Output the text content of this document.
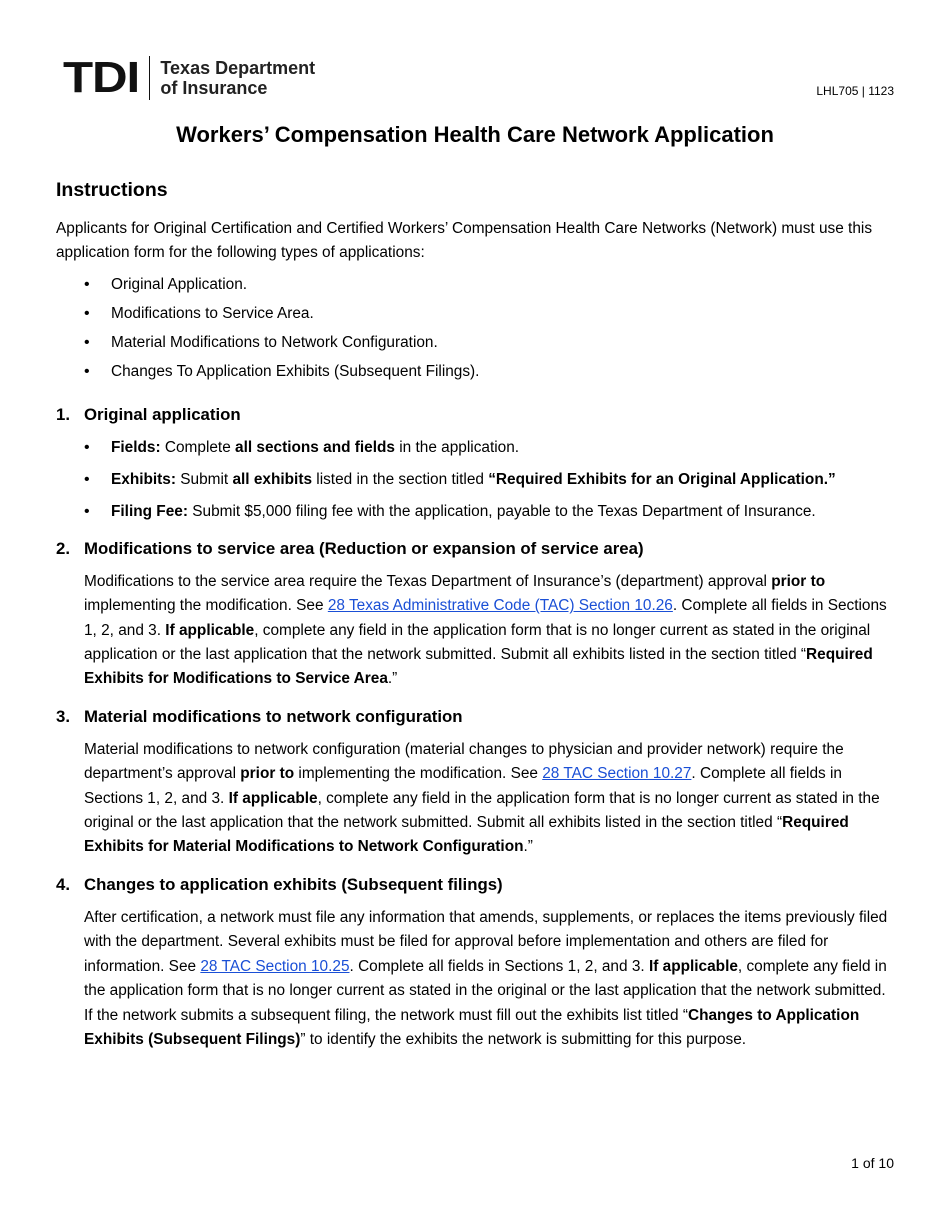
TDI Texas Department
of Insurance	LHL705 | 1123
Workers’ Compensation Health Care Network Application
Instructions

Applicants for Original Certification and Certified Workers’ Compensation Health Care Networks (Network) must use this application form for the following types of applications:

• Original Application.
• Modifications to Service Area.
• Material Modifications to Network Configuration.
• Changes To Application Exhibits (Subsequent Filings).
1. Original application
• Fields: Complete all sections and fields in the application.
• Exhibits: Submit all exhibits listed in the section titled “Required Exhibits for an Original Application.”
• Filing Fee: Submit $5,000 filing fee with the application, payable to the Texas Department of Insurance.
2. Modifications to service area (Reduction or expansion of service area)

Modifications to the service area require the Texas Department of Insurance’s (department) approval prior to implementing the modification. See 28 Texas Administrative Code (TAC) Section 10.26. Complete all fields in Sections 1, 2, and 3. If applicable, complete any field in the application form that is no longer current as stated in the original application or the last application that the network submitted. Submit all exhibits listed in the section titled “Required Exhibits for Modifications to Service Area.”

3. Material modifications to network configuration

Material modifications to network configuration (material changes to physician and provider network) require the department’s approval prior to implementing the modification. See 28 TAC Section 10.27. Complete all fields in Sections 1, 2, and 3. If applicable, complete any field in the application form that is no longer current as stated in the original or the last application that the network submitted. Submit all exhibits listed in the section titled “Required Exhibits for Material Modifications to Network Configuration.”

4. Changes to application exhibits (Subsequent filings)

After certification, a network must file any information that amends, supplements, or replaces the items previously filed with the department. Several exhibits must be filed for approval before implementation and others are filed for information. See 28 TAC Section 10.25. Complete all fields in Sections 1, 2, and 3. If applicable, complete any field in the application form that is no longer current as stated in the original or the last application that the network submitted. If the network submits a subsequent filing, the network must fill out the exhibits list titled “Changes to Application Exhibits (Subsequent Filings)” to identify the exhibits the network is submitting for this purpose.

1 of 10
